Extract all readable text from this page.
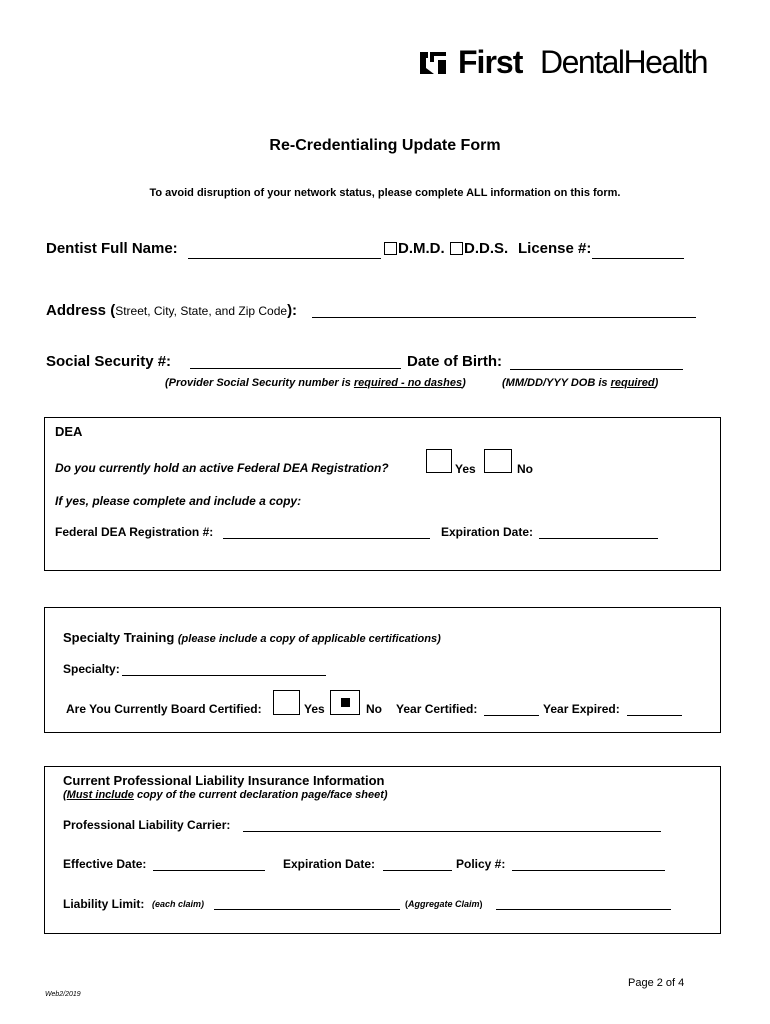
First DentalHealth
Re-Credentialing Update Form
To avoid disruption of your network status, please complete ALL information on this form.
Dentist Full Name:	D.M.D. D.D.S. License #:
Address (Street, City, State, and Zip Code):
Social Security #:	Date of Birth:
(Provider Social Security number is required - no dashes)	(MM/DD/YYY DOB is required)
DEA
Do you currently hold an active Federal DEA Registration?	Yes	No
If yes, please complete and include a copy:
Federal DEA Registration #:	Expiration Date:
Specialty Training (please include a copy of applicable certifications)
Specialty:
Are You Currently Board Certified:	Yes	No Year Certified:	Year Expired:
Current Professional Liability Insurance Information
(Must include copy of the current declaration page/face sheet)
Professional Liability Carrier:
Effective Date:	Expiration Date:	Policy #:
Liability Limit: (each claim)	(Aggregate Claim)
Page 2 of 4
Web2/2019
